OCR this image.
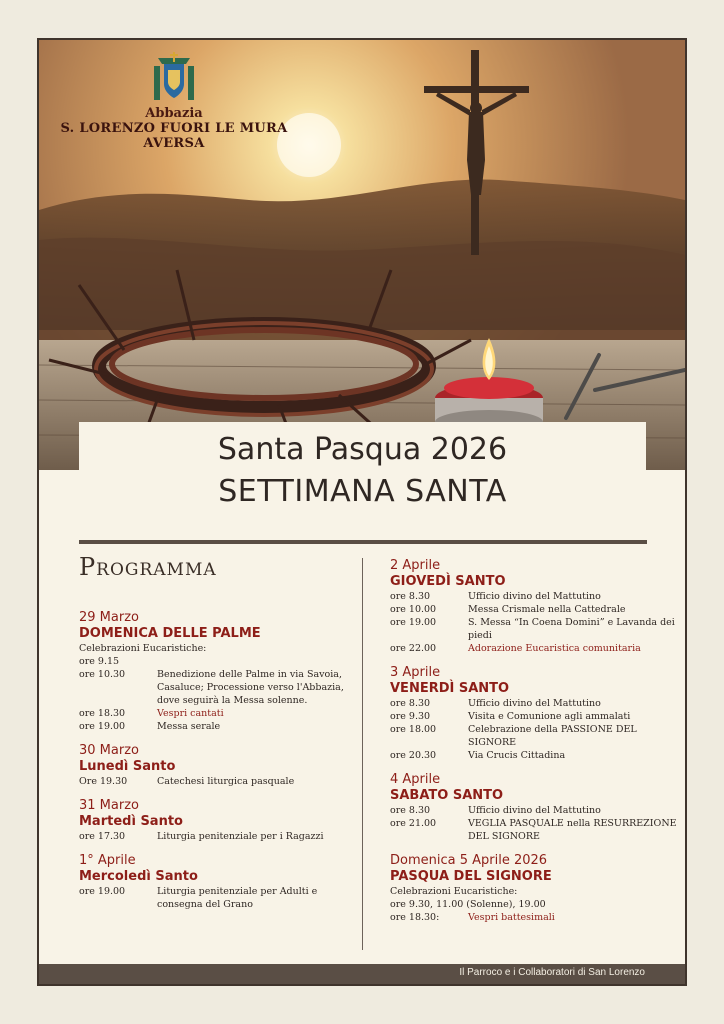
Abbazia
S. LORENZO FUORI LE MURA
AVERSA
Santa Pasqua 2026
SETTIMANA SANTA
Programma
29 Marzo
DOMENICA DELLE PALME
Celebrazioni Eucaristiche:
ore 9.15
ore 10.30	Benedizione delle Palme in via Savoia, Casaluce; Processione verso l'Abbazia, dove seguirà la Messa solenne.
ore 18.30	Vespri cantati
ore 19.00	Messa serale
30 Marzo
Lunedì Santo
Ore 19.30	Catechesi liturgica pasquale
31 Marzo
Martedì Santo
ore 17.30	Liturgia penitenziale per i Ragazzi
1° Aprile
Mercoledì Santo
ore 19.00	Liturgia penitenziale per Adulti e consegna del Grano
2 Aprile
GIOVEDÌ SANTO
ore 8.30	Ufficio divino del Mattutino
ore 10.00	Messa Crismale nella Cattedrale
ore 19.00	S. Messa “In Coena Domini” e Lavanda dei piedi
ore 22.00	Adorazione Eucaristica comunitaria
3 Aprile
VENERDÌ SANTO
ore 8.30	Ufficio divino del Mattutino
ore 9.30	Visita e Comunione agli ammalati
ore 18.00	Celebrazione della PASSIONE DEL SIGNORE
ore 20.30	Via Crucis Cittadina
4 Aprile
SABATO SANTO
ore 8.30	Ufficio divino del Mattutino
ore 21.00	VEGLIA PASQUALE nella RESURREZIONE DEL SIGNORE
Domenica 5 Aprile 2026
PASQUA DEL SIGNORE
Celebrazioni Eucaristiche:
ore 9.30, 11.00 (Solenne), 19.00
ore 18.30:	Vespri battesimali
Il Parroco e i Collaboratori di San Lorenzo
